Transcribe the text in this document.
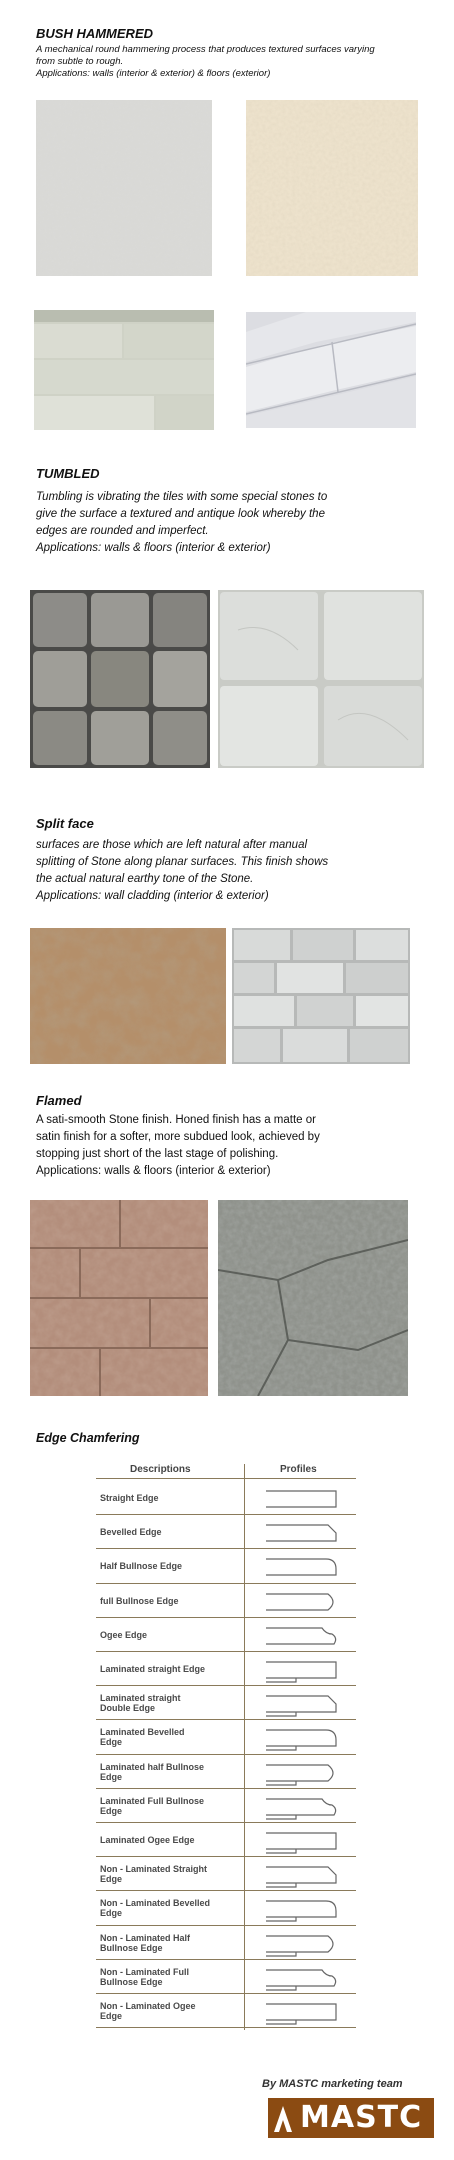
BUSH HAMMERED
A mechanical round hammering process that produces textured surfaces varying
from subtle to rough.
Applications: walls (interior & exterior) & floors (exterior)
TUMBLED
Tumbling is vibrating the tiles with some special stones to
give the surface a textured and antique look whereby the
edges are rounded and imperfect.
Applications: walls & floors (interior & exterior)
Split face
surfaces are those which are left natural after manual
splitting of Stone along planar surfaces. This finish shows
the actual natural earthy tone of the Stone.
Applications: wall cladding (interior & exterior)
Flamed
A sati-smooth Stone finish. Honed finish has a matte or
satin finish for a softer, more subdued look, achieved by
stopping just short of the last stage of polishing.
Applications: walls & floors (interior & exterior)
Edge Chamfering
Descriptions	Profiles
Straight Edge
Bevelled Edge
Half Bullnose Edge
full Bullnose Edge
Ogee Edge
Laminated straight Edge
Laminated straight
Double Edge
Laminated Bevelled
Edge
Laminated half Bullnose
Edge
Laminated Full Bullnose
Edge
Laminated Ogee Edge
Non - Laminated Straight
Edge
Non - Laminated Bevelled
Edge
Non - Laminated Half
Bullnose Edge
Non - Laminated Full
Bullnose Edge
Non - Laminated Ogee
Edge
By MASTC marketing team
MASTC
